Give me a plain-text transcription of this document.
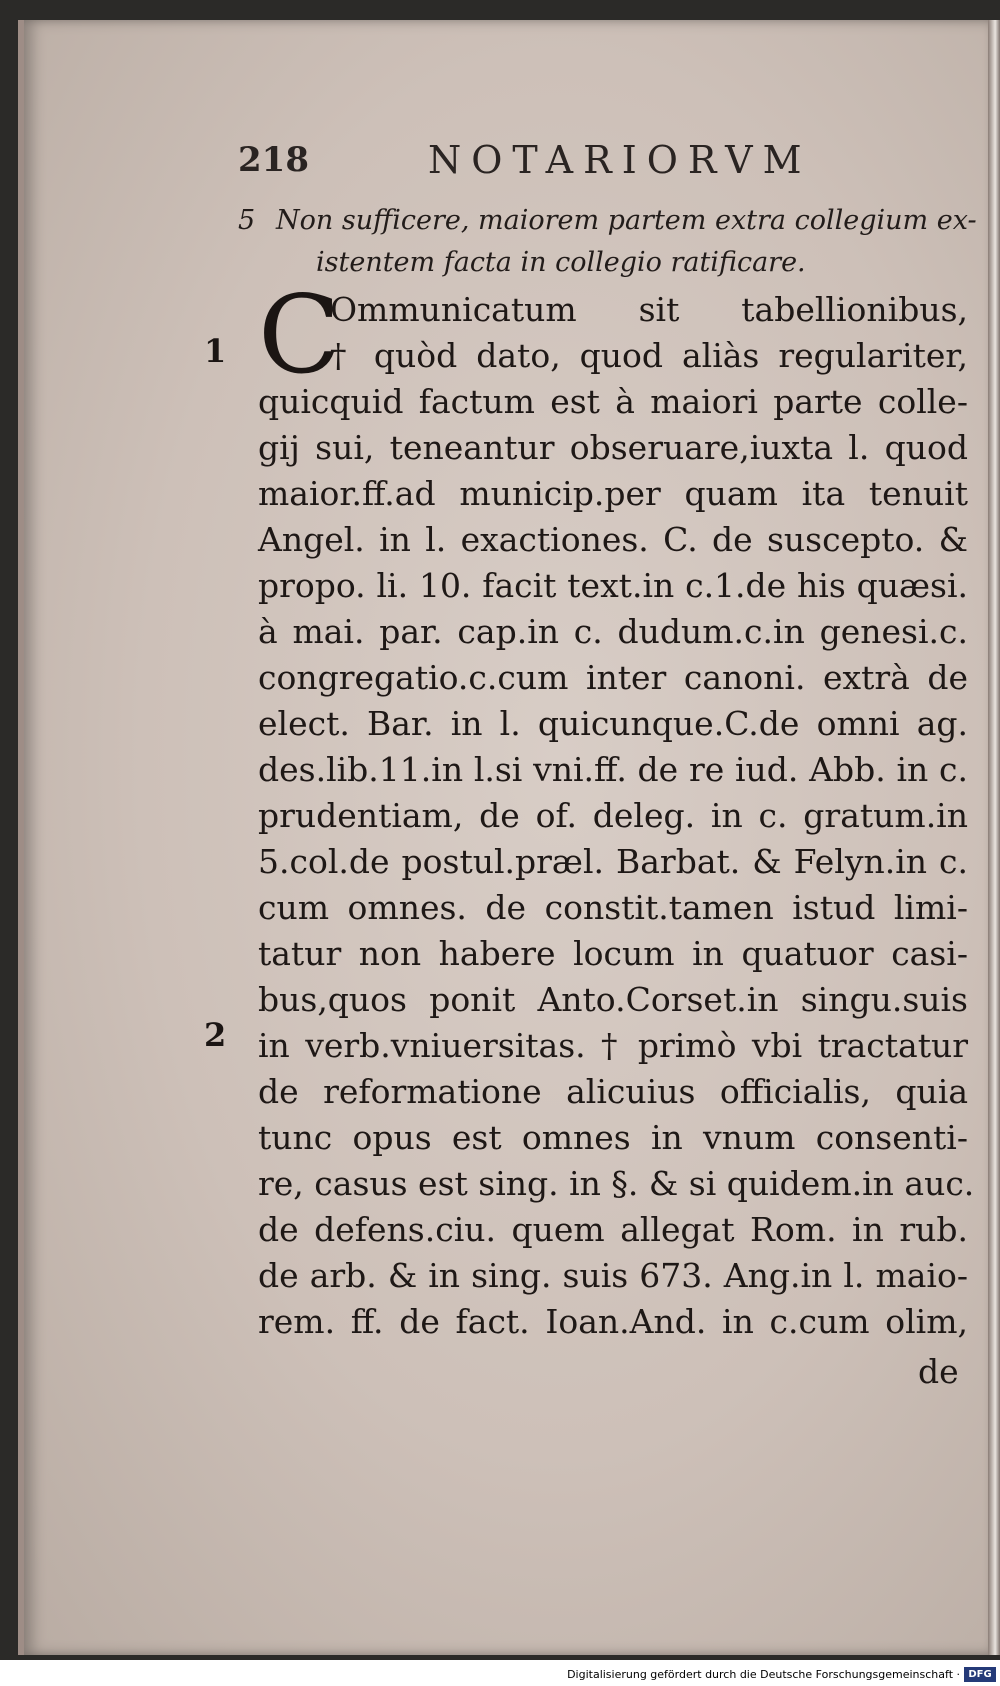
218	NOTARIORVM
5 Non sufficere, maiorem partem extra collegium ex-
istentem facta in collegio ratificare.
C
1
2
Ommunicatum sit tabellionibus,
† quòd dato, quod aliàs regulariter,
quicquid factum est à maiori parte colle-
gij sui, teneantur obseruare,iuxta l. quod
maior.ff.ad municip.per quam ita tenuit
Angel. in l. exactiones. C. de suscepto. &
propo. li. 10. facit text.in c.1.de his quæsi.
à mai. par. cap.in c. dudum.c.in genesi.c.
congregatio.c.cum inter canoni. extrà de
elect. Bar. in l. quicunque.C.de omni ag.
des.lib.11.in l.si vni.ff. de re iud. Abb. in c.
prudentiam, de of. deleg. in c. gratum.in
5.col.de postul.præl. Barbat. & Felyn.in c.
cum omnes. de constit.tamen istud limi-
tatur non habere locum in quatuor casi-
bus,quos ponit Anto.Corset.in singu.suis
in verb.vniuersitas. † primò vbi tractatur
de reformatione alicuius officialis, quia
tunc opus est omnes in vnum consenti-
re, casus est sing. in §. & si quidem.in auc.
de defens.ciu. quem allegat Rom. in rub.
de arb. & in sing. suis 673. Ang.in l. maio-
rem. ff. de fact. Ioan.And. in c.cum olim,
de
Digitalisierung gefördert durch die Deutsche Forschungsgemeinschaft · DFG
